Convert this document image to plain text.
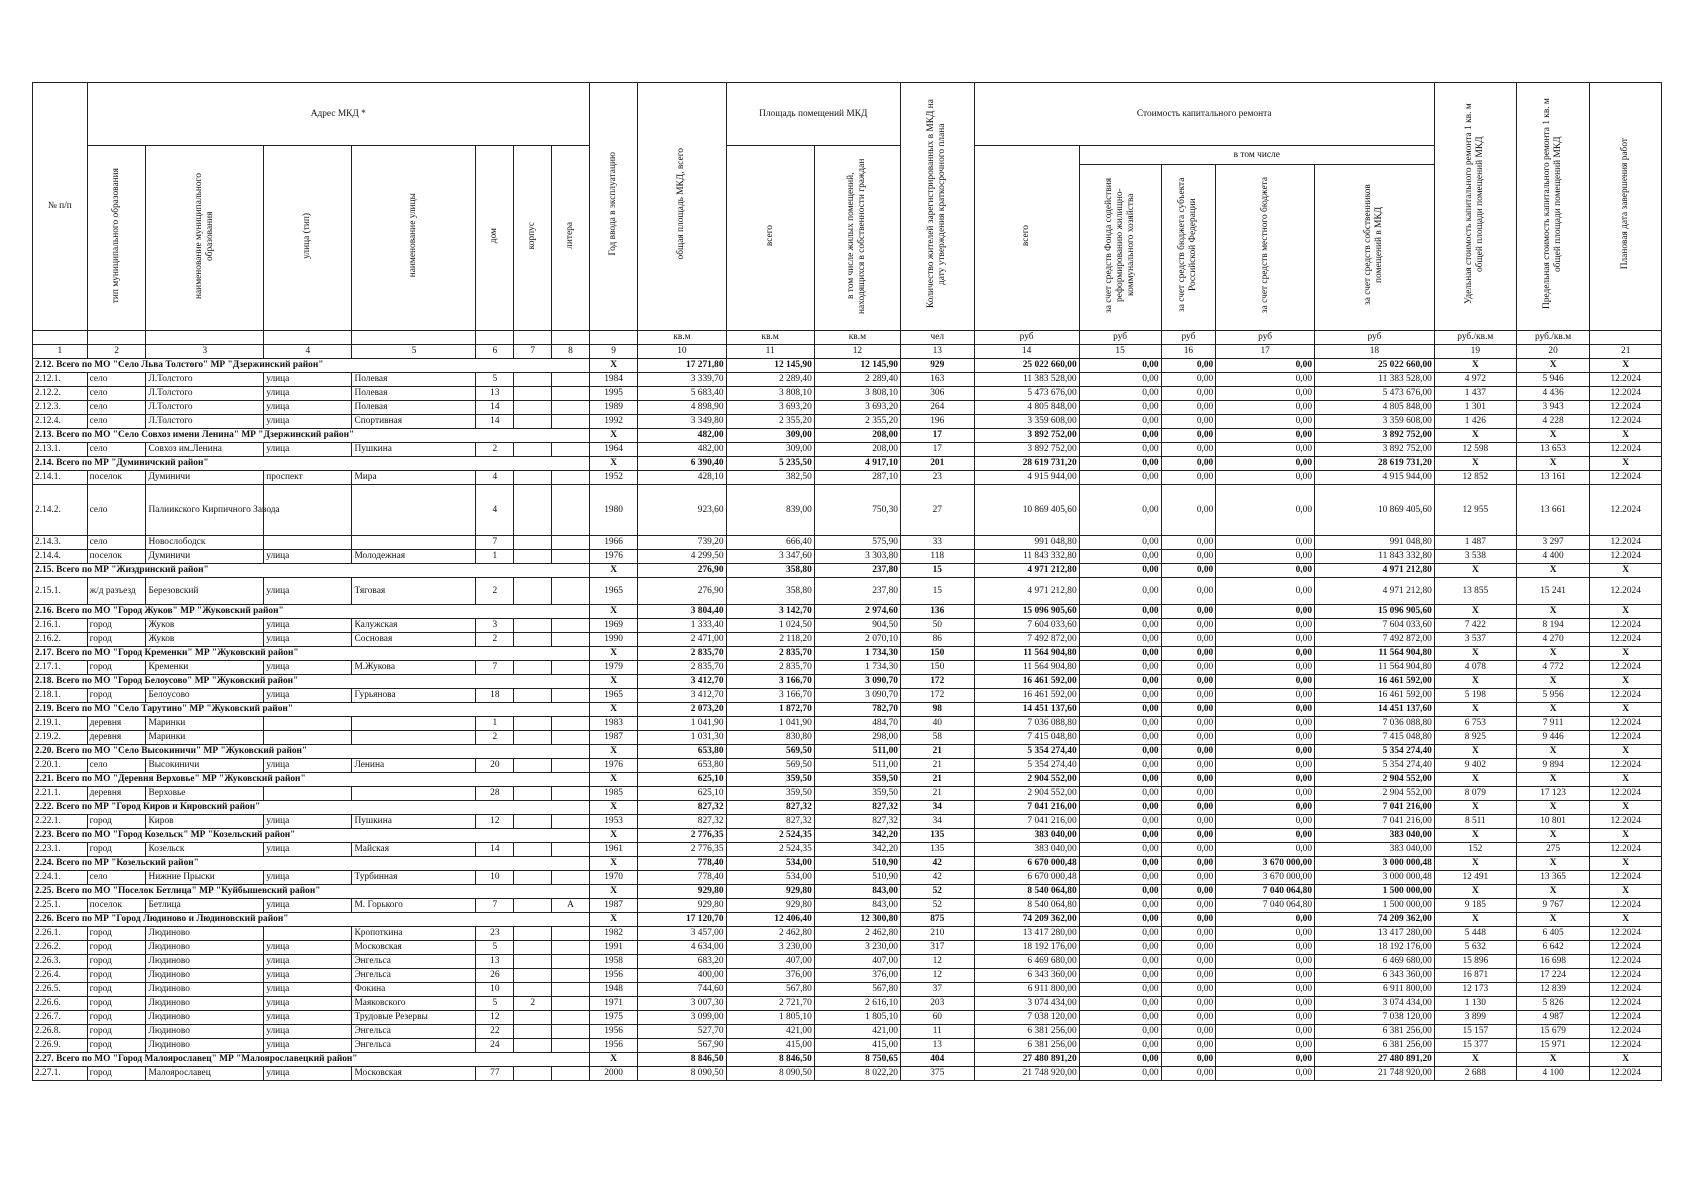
№ п/п	Адрес МКД *							Год ввода в эксплуатацию	общая площадь МКД, всего	Площадь помещений МКД		Количество жителей зарегистрированных в МКД на дату утверждения краткосрочного плана	Стоимость капитального ремонта					Удельная стоимость капитального ремонта 1 кв. м общей площади помещений МКД	Предельная стоимость капитального ремонта 1 кв. м общей площади помещений МКД	Плановая дата завершения работ
	тип муниципального образования	наименование муниципального образования	улица (тип)	наименование улицы	дом	корпус	литера			всего	в том числе жилых помещений, находящихся в собственности граждан		всего	в том числе						
														за счет средств Фонда содействия реформированию жилищно-коммунального хозяйства	за счет средств бюджета субъекта Российской Федерации	за счет средств местного бюджета	за счет средств собственников помещений в МКД			
									кв.м	кв.м	кв.м	чел	руб	руб	руб	руб	руб	руб./кв.м	руб./кв.м	
1	2	3	4	5	6	7	8	9	10	11	12	13	14	15	16	17	18	19	20	21
2.12. Всего по МО "Село Льва Толстого" МР "Дзержинский район"								X	17 271,80	12 145,90	12 145,90	929	25 022 660,00	0,00	0,00	0,00	25 022 660,00	X	X	X
2.12.1.	село	Л.Толстого	улица	Полевая	5			1984	3 339,70	2 289,40	2 289,40	163	11 383 528,00	0,00	0,00	0,00	11 383 528,00	4 972	5 946	12.2024
2.12.2.	село	Л.Толстого	улица	Полевая	13			1995	5 683,40	3 808,10	3 808,10	306	5 473 676,00	0,00	0,00	0,00	5 473 676,00	1 437	4 436	12.2024
2.12.3.	село	Л.Толстого	улица	Полевая	14			1989	4 898,90	3 693,20	3 693,20	264	4 805 848,00	0,00	0,00	0,00	4 805 848,00	1 301	3 943	12.2024
2.12.4.	село	Л.Толстого	улица	Спортивная	14			1992	3 349,80	2 355,20	2 355,20	196	3 359 608,00	0,00	0,00	0,00	3 359 608,00	1 426	4 228	12.2024
2.13. Всего по МО "Село Совхоз имени Ленина" МР "Дзержинский район"								X	482,00	309,00	208,00	17	3 892 752,00	0,00	0,00	0,00	3 892 752,00	X	X	X
2.13.1.	село	Совхоз им.Ленина	улица	Пушкина	2			1964	482,00	309,00	208,00	17	3 892 752,00	0,00	0,00	0,00	3 892 752,00	12 598	13 653	12.2024
2.14. Всего по МР "Думиничский район"								X	6 390,40	5 235,50	4 917,10	201	28 619 731,20	0,00	0,00	0,00	28 619 731,20	X	X	X
2.14.1.	поселок	Думиничи	проспект	Мира	4			1952	428,10	382,50	287,10	23	4 915 944,00	0,00	0,00	0,00	4 915 944,00	12 852	13 161	12.2024
2.14.2.	село	Палиикского Кирпичного Завода			4			1980	923,60	839,00	750,30	27	10 869 405,60	0,00	0,00	0,00	10 869 405,60	12 955	13 661	12.2024
2.14.3.	село	Новослободск			7			1966	739,20	666,40	575,90	33	991 048,80	0,00	0,00	0,00	991 048,80	1 487	3 297	12.2024
2.14.4.	поселок	Думиничи	улица	Молодежная	1			1976	4 299,50	3 347,60	3 303,80	118	11 843 332,80	0,00	0,00	0,00	11 843 332,80	3 538	4 400	12.2024
2.15. Всего по МР "Жиздринский район"								X	276,90	358,80	237,80	15	4 971 212,80	0,00	0,00	0,00	4 971 212,80	X	X	X
2.15.1.	ж/д разъезд	Березовский	улица	Тяговая	2			1965	276,90	358,80	237,80	15	4 971 212,80	0,00	0,00	0,00	4 971 212,80	13 855	15 241	12.2024
2.16. Всего по МО "Город Жуков" МР "Жуковский район"								X	3 804,40	3 142,70	2 974,60	136	15 096 905,60	0,00	0,00	0,00	15 096 905,60	X	X	X
2.16.1.	город	Жуков	улица	Калужская	3			1969	1 333,40	1 024,50	904,50	50	7 604 033,60	0,00	0,00	0,00	7 604 033,60	7 422	8 194	12.2024
2.16.2.	город	Жуков	улица	Сосновая	2			1990	2 471,00	2 118,20	2 070,10	86	7 492 872,00	0,00	0,00	0,00	7 492 872,00	3 537	4 270	12.2024
2.17. Всего по МО "Город Кременки" МР "Жуковский район"								X	2 835,70	2 835,70	1 734,30	150	11 564 904,80	0,00	0,00	0,00	11 564 904,80	X	X	X
2.17.1.	город	Кременки	улица	М.Жукова	7			1979	2 835,70	2 835,70	1 734,30	150	11 564 904,80	0,00	0,00	0,00	11 564 904,80	4 078	4 772	12.2024
2.18. Всего по МО "Город Белоусово" МР "Жуковский район"								X	3 412,70	3 166,70	3 090,70	172	16 461 592,00	0,00	0,00	0,00	16 461 592,00	X	X	X
2.18.1.	город	Белоусово	улица	Гурьянова	18			1965	3 412,70	3 166,70	3 090,70	172	16 461 592,00	0,00	0,00	0,00	16 461 592,00	5 198	5 956	12.2024
2.19. Всего по МО "Село Тарутино" МР "Жуковский район"								X	2 073,20	1 872,70	782,70	98	14 451 137,60	0,00	0,00	0,00	14 451 137,60	X	X	X
2.19.1.	деревня	Маринки			1			1983	1 041,90	1 041,90	484,70	40	7 036 088,80	0,00	0,00	0,00	7 036 088,80	6 753	7 911	12.2024
2.19.2.	деревня	Маринки			2			1987	1 031,30	830,80	298,00	58	7 415 048,80	0,00	0,00	0,00	7 415 048,80	8 925	9 446	12.2024
2.20. Всего по МО "Село Высокиничи" МР "Жуковский район"								X	653,80	569,50	511,00	21	5 354 274,40	0,00	0,00	0,00	5 354 274,40	X	X	X
2.20.1.	село	Высокиничи	улица	Ленина	20			1976	653,80	569,50	511,00	21	5 354 274,40	0,00	0,00	0,00	5 354 274,40	9 402	9 894	12.2024
2.21. Всего по МО "Деревня Верховье" МР "Жуковский район"								X	625,10	359,50	359,50	21	2 904 552,00	0,00	0,00	0,00	2 904 552,00	X	X	X
2.21.1.	деревня	Верховье			28			1985	625,10	359,50	359,50	21	2 904 552,00	0,00	0,00	0,00	2 904 552,00	8 079	17 123	12.2024
2.22. Всего по МР "Город Киров и Кировский район"								X	827,32	827,32	827,32	34	7 041 216,00	0,00	0,00	0,00	7 041 216,00	X	X	X
2.22.1.	город	Киров	улица	Пушкина	12			1953	827,32	827,32	827,32	34	7 041 216,00	0,00	0,00	0,00	7 041 216,00	8 511	10 801	12.2024
2.23. Всего по МО "Город Козельск" МР "Козельский район"								X	2 776,35	2 524,35	342,20	135	383 040,00	0,00	0,00	0,00	383 040,00	X	X	X
2.23.1.	город	Козельск	улица	Майская	14			1961	2 776,35	2 524,35	342,20	135	383 040,00	0,00	0,00	0,00	383 040,00	152	275	12.2024
2.24. Всего по МР "Козельский район"								X	778,40	534,00	510,90	42	6 670 000,48	0,00	0,00	3 670 000,00	3 000 000,48	X	X	X
2.24.1.	село	Нижние Прыски	улица	Турбинная	10			1970	778,40	534,00	510,90	42	6 670 000,48	0,00	0,00	3 670 000,00	3 000 000,48	12 491	13 365	12.2024
2.25. Всего по МО "Поселок Бетлица" МР "Куйбышевский район"								X	929,80	929,80	843,00	52	8 540 064,80	0,00	0,00	7 040 064,80	1 500 000,00	X	X	X
2.25.1.	поселок	Бетлица	улица	М. Горького	7		А	1987	929,80	929,80	843,00	52	8 540 064,80	0,00	0,00	7 040 064,80	1 500 000,00	9 185	9 767	12.2024
2.26. Всего по МР "Город Людиново и Людиновский район"								X	17 120,70	12 406,40	12 300,80	875	74 209 362,00	0,00	0,00	0,00	74 209 362,00	X	X	X
2.26.1.	город	Людиново		Кропоткина	23			1982	3 457,00	2 462,80	2 462,80	210	13 417 280,00	0,00	0,00	0,00	13 417 280,00	5 448	6 405	12.2024
2.26.2.	город	Людиново	улица	Московская	5			1991	4 634,00	3 230,00	3 230,00	317	18 192 176,00	0,00	0,00	0,00	18 192 176,00	5 632	6 642	12.2024
2.26.3.	город	Людиново	улица	Энгельса	13			1958	683,20	407,00	407,00	12	6 469 680,00	0,00	0,00	0,00	6 469 680,00	15 896	16 698	12.2024
2.26.4.	город	Людиново	улица	Энгельса	26			1956	400,00	376,00	376,00	12	6 343 360,00	0,00	0,00	0,00	6 343 360,00	16 871	17 224	12.2024
2.26.5.	город	Людиново	улица	Фокина	10			1948	744,60	567,80	567,80	37	6 911 800,00	0,00	0,00	0,00	6 911 800,00	12 173	12 839	12.2024
2.26.6.	город	Людиново	улица	Маяковского	5	2		1971	3 007,30	2 721,70	2 616,10	203	3 074 434,00	0,00	0,00	0,00	3 074 434,00	1 130	5 826	12.2024
2.26.7.	город	Людиново	улица	Трудовые Резервы	12			1975	3 099,00	1 805,10	1 805,10	60	7 038 120,00	0,00	0,00	0,00	7 038 120,00	3 899	4 987	12.2024
2.26.8.	город	Людиново	улица	Энгельса	22			1956	527,70	421,00	421,00	11	6 381 256,00	0,00	0,00	0,00	6 381 256,00	15 157	15 679	12.2024
2.26.9.	город	Людиново	улица	Энгельса	24			1956	567,90	415,00	415,00	13	6 381 256,00	0,00	0,00	0,00	6 381 256,00	15 377	15 971	12.2024
2.27. Всего по МО "Город Малоярославец" МР "Малоярославецкий район"								X	8 846,50	8 846,50	8 750,65	404	27 480 891,20	0,00	0,00	0,00	27 480 891,20	X	X	X
2.27.1.	город	Малоярославец	улица	Московская	77			2000	8 090,50	8 090,50	8 022,20	375	21 748 920,00	0,00	0,00	0,00	21 748 920,00	2 688	4 100	12.2024
